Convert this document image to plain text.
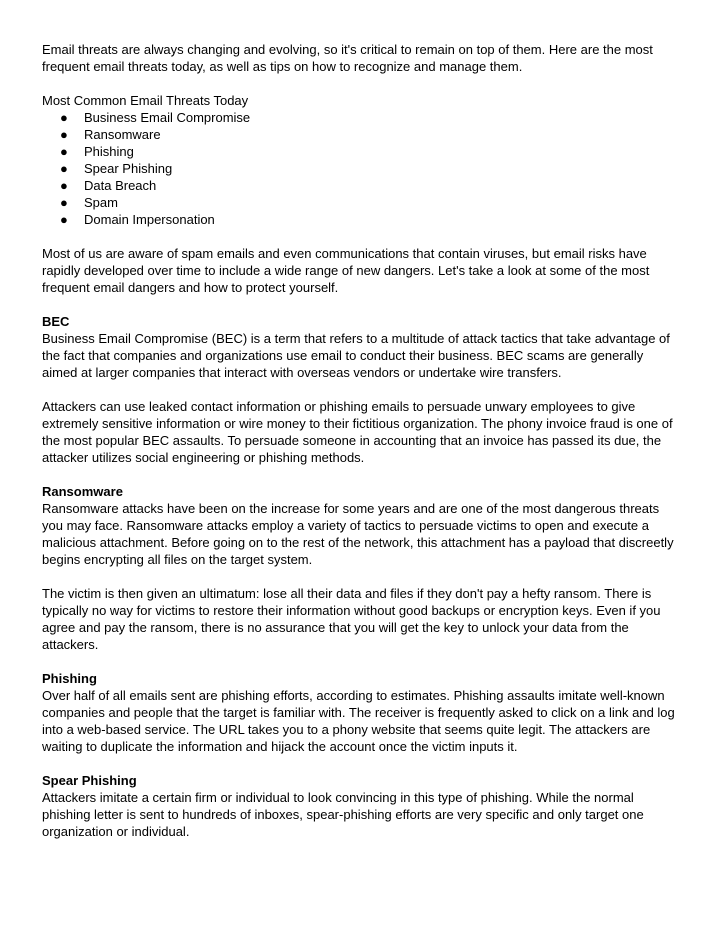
Email threats are always changing and evolving, so it's critical to remain on top of them. Here are the most frequent email threats today, as well as tips on how to recognize and manage them.

Most Common Email Threats Today

● Business Email Compromise
● Ransomware
● Phishing
● Spear Phishing
● Data Breach
● Spam
● Domain Impersonation

Most of us are aware of spam emails and even communications that contain viruses, but email risks have rapidly developed over time to include a wide range of new dangers. Let's take a look at some of the most frequent email dangers and how to protect yourself.

BEC

Business Email Compromise (BEC) is a term that refers to a multitude of attack tactics that take advantage of the fact that companies and organizations use email to conduct their business. BEC scams are generally aimed at larger companies that interact with overseas vendors or undertake wire transfers.

Attackers can use leaked contact information or phishing emails to persuade unwary employees to give extremely sensitive information or wire money to their fictitious organization. The phony invoice fraud is one of the most popular BEC assaults. To persuade someone in accounting that an invoice has passed its due, the attacker utilizes social engineering or phishing methods.

Ransomware

Ransomware attacks have been on the increase for some years and are one of the most dangerous threats you may face. Ransomware attacks employ a variety of tactics to persuade victims to open and execute a malicious attachment. Before going on to the rest of the network, this attachment has a payload that discreetly begins encrypting all files on the target system.

The victim is then given an ultimatum: lose all their data and files if they don't pay a hefty ransom. There is typically no way for victims to restore their information without good backups or encryption keys. Even if you agree and pay the ransom, there is no assurance that you will get the key to unlock your data from the attackers.

Phishing

Over half of all emails sent are phishing efforts, according to estimates. Phishing assaults imitate well-known companies and people that the target is familiar with. The receiver is frequently asked to click on a link and log into a web-based service. The URL takes you to a phony website that seems quite legit. The attackers are waiting to duplicate the information and hijack the account once the victim inputs it.

Spear Phishing

Attackers imitate a certain firm or individual to look convincing in this type of phishing. While the normal phishing letter is sent to hundreds of inboxes, spear-phishing efforts are very specific and only target one organization or individual.
